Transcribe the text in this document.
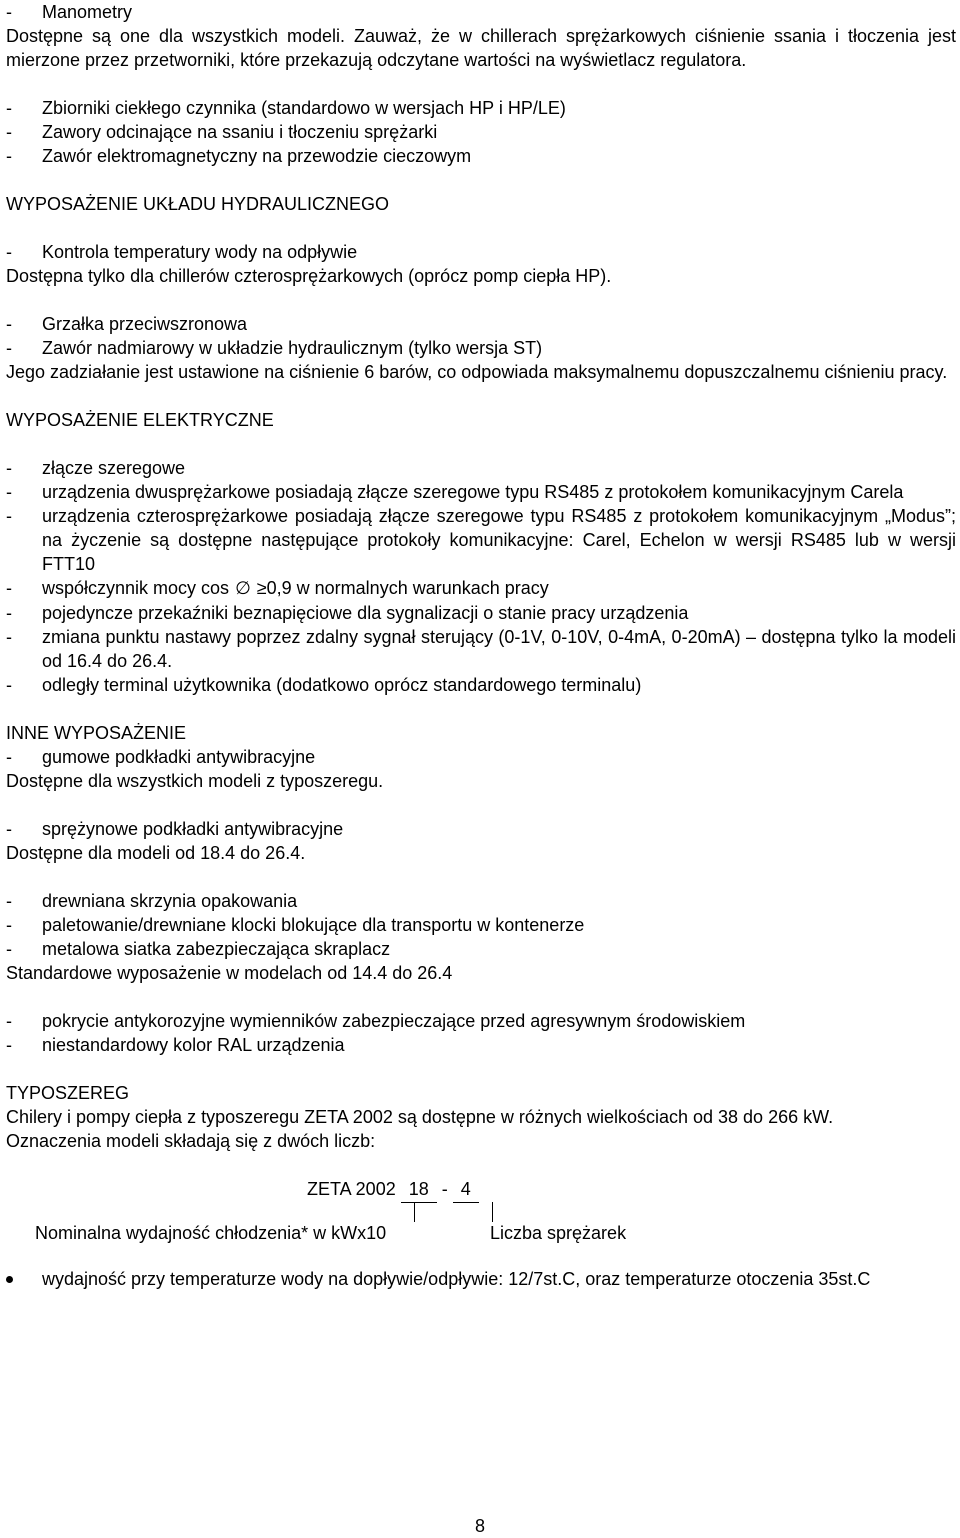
- Manometry

Dostępne są one dla wszystkich modeli. Zauważ, że w chillerach sprężarkowych ciśnienie ssania i tłoczenia jest mierzone przez przetworniki, które przekazują odczytane wartości na wyświetlacz regulatora.

- Zbiorniki ciekłego czynnika (standardowo w wersjach HP i HP/LE)
- Zawory odcinające na ssaniu i tłoczeniu sprężarki
- Zawór elektromagnetyczny na przewodzie cieczowym

WYPOSAŻENIE UKŁADU HYDRAULICZNEGO

- Kontrola temperatury wody na odpływie

Dostępna tylko dla chillerów czterosprężarkowych (oprócz pomp ciepła HP).

- Grzałka przeciwszronowa
- Zawór nadmiarowy w układzie hydraulicznym (tylko wersja ST)

Jego zadziałanie jest ustawione na ciśnienie 6 barów, co odpowiada maksymalnemu dopuszczalnemu ciśnieniu pracy.

WYPOSAŻENIE ELEKTRYCZNE

- złącze szeregowe
- urządzenia dwusprężarkowe posiadają złącze szeregowe typu RS485 z protokołem komunikacyjnym Carela
- urządzenia czterosprężarkowe posiadają złącze szeregowe typu RS485 z protokołem komunikacyjnym „Modus”; na życzenie są dostępne następujące protokoły komunikacyjne: Carel, Echelon w wersji RS485 lub w wersji FTT10
- współczynnik mocy cos ∅ ≥0,9 w normalnych warunkach pracy
- pojedyncze przekaźniki beznapięciowe dla sygnalizacji o stanie pracy urządzenia
- zmiana punktu nastawy poprzez zdalny sygnał sterujący (0-1V, 0-10V, 0-4mA, 0-20mA) – dostępna tylko la modeli od 16.4 do 26.4.
- odległy terminal użytkownika (dodatkowo oprócz standardowego terminalu)

INNE WYPOSAŻENIE

- gumowe podkładki antywibracyjne

Dostępne dla wszystkich modeli z typoszeregu.

- sprężynowe podkładki antywibracyjne

Dostępne dla modeli od 18.4 do 26.4.

- drewniana skrzynia opakowania
- paletowanie/drewniane klocki blokujące dla transportu w kontenerze
- metalowa siatka zabezpieczająca skraplacz

Standardowe wyposażenie w modelach od 14.4 do 26.4

- pokrycie antykorozyjne wymienników zabezpieczające przed agresywnym środowiskiem
- niestandardowy kolor RAL urządzenia

TYPOSZEREG

Chilery i pompy ciepła z typoszeregu ZETA 2002 są dostępne w różnych wielkościach od 38 do 266 kW.

Oznaczenia modeli składają się z dwóch liczb:

ZETA 2002 18 - 4
Nominalna wydajność chłodzenia* w kWx10	Liczba sprężarek
wydajność przy temperaturze wody na dopływie/odpływie: 12/7st.C, oraz temperaturze otoczenia 35st.C
8
